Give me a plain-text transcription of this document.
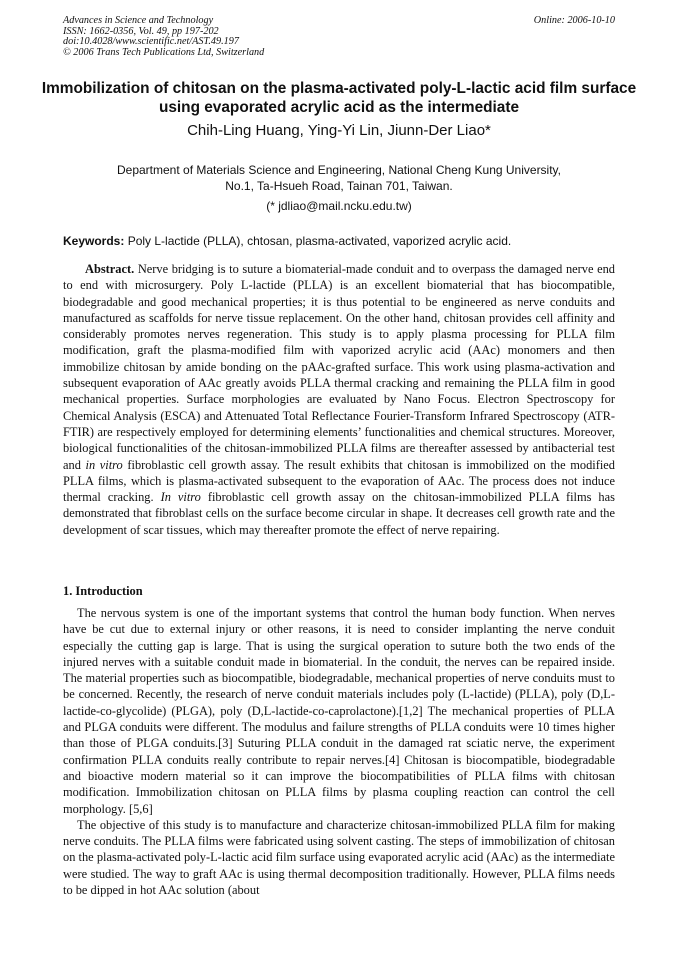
Advances in Science and Technology
ISSN: 1662-0356, Vol. 49, pp 197-202
doi:10.4028/www.scientific.net/AST.49.197
© 2006 Trans Tech Publications Ltd, Switzerland
Online: 2006-10-10
Immobilization of chitosan on the plasma-activated poly-L-lactic acid film surface using evaporated acrylic acid as the intermediate
Chih-Ling Huang, Ying-Yi Lin, Jiunn-Der Liao*
Department of Materials Science and Engineering, National Cheng Kung University,
No.1, Ta-Hsueh Road, Tainan 701, Taiwan.
(* jdliao@mail.ncku.edu.tw)
Keywords: Poly L-lactide (PLLA), chtosan, plasma-activated, vaporized acrylic acid.

Abstract. Nerve bridging is to suture a biomaterial-made conduit and to overpass the damaged nerve end to end with microsurgery. Poly L-lactide (PLLA) is an excellent biomaterial that has biocompatible, biodegradable and good mechanical properties; it is thus potential to be engineered as nerve conduits and manufactured as scaffolds for nerve tissue replacement. On the other hand, chitosan provides cell affinity and considerably promotes nerves regeneration. This study is to apply plasma processing for PLLA film modification, graft the plasma-modified film with vaporized acrylic acid (AAc) monomers and then immobilize chitosan by amide bonding on the pAAc-grafted surface. This work using plasma-activation and subsequent evaporation of AAc greatly avoids PLLA thermal cracking and remaining the PLLA film in good mechanical properties. Surface morphologies are evaluated by Nano Focus. Electron Spectroscopy for Chemical Analysis (ESCA) and Attenuated Total Reflectance Fourier-Transform Infrared Spectroscopy (ATR-FTIR) are respectively employed for determining elements’ functionalities and chemical structures. Moreover, biological functionalities of the chitosan-immobilized PLLA films are thereafter assessed by antibacterial test and in vitro fibroblastic cell growth assay. The result exhibits that chitosan is immobilized on the modified PLLA films, which is plasma-activated subsequent to the evaporation of AAc. The process does not induce thermal cracking. In vitro fibroblastic cell growth assay on the chitosan-immobilized PLLA films has demonstrated that fibroblast cells on the surface become circular in shape. It decreases cell growth rate and the development of scar tissues, which may thereafter promote the effect of nerve repairing.

1. Introduction

The nervous system is one of the important systems that control the human body function. When nerves have be cut due to external injury or other reasons, it is need to consider implanting the nerve conduit especially the cutting gap is large. That is using the surgical operation to suture both the two ends of the injured nerves with a suitable conduit made in biomaterial. In the conduit, the nerves can be repaired inside. The material properties such as biocompatible, biodegradable, mechanical properties of nerve conduits must to be concerned. Recently, the research of nerve conduit materials includes poly (L-lactide) (PLLA), poly (D,L-lactide-co-glycolide) (PLGA), poly (D,L-lactide-co-caprolactone).[1,2] The mechanical properties of PLLA and PLGA conduits were different. The modulus and failure strengths of PLLA conduits were 10 times higher than those of PLGA conduits.[3] Suturing PLLA conduit in the damaged rat sciatic nerve, the experiment confirmation PLLA conduits really contribute to repair nerves.[4] Chitosan is biocompatible, biodegradable and bioactive modern material so it can improve the biocompatibilities of PLLA films with chitosan modification. Immobilization chitosan on PLLA films by plasma coupling reaction can control the cell morphology. [5,6]

The objective of this study is to manufacture and characterize chitosan-immobilized PLLA film for making nerve conduits. The PLLA films were fabricated using solvent casting. The steps of immobilization of chitosan on the plasma-activated poly-L-lactic acid film surface using evaporated acrylic acid (AAc) as the intermediate were studied. The way to graft AAc is using thermal decomposition traditionally. However, PLLA films needs to be dipped in hot AAc solution (about
